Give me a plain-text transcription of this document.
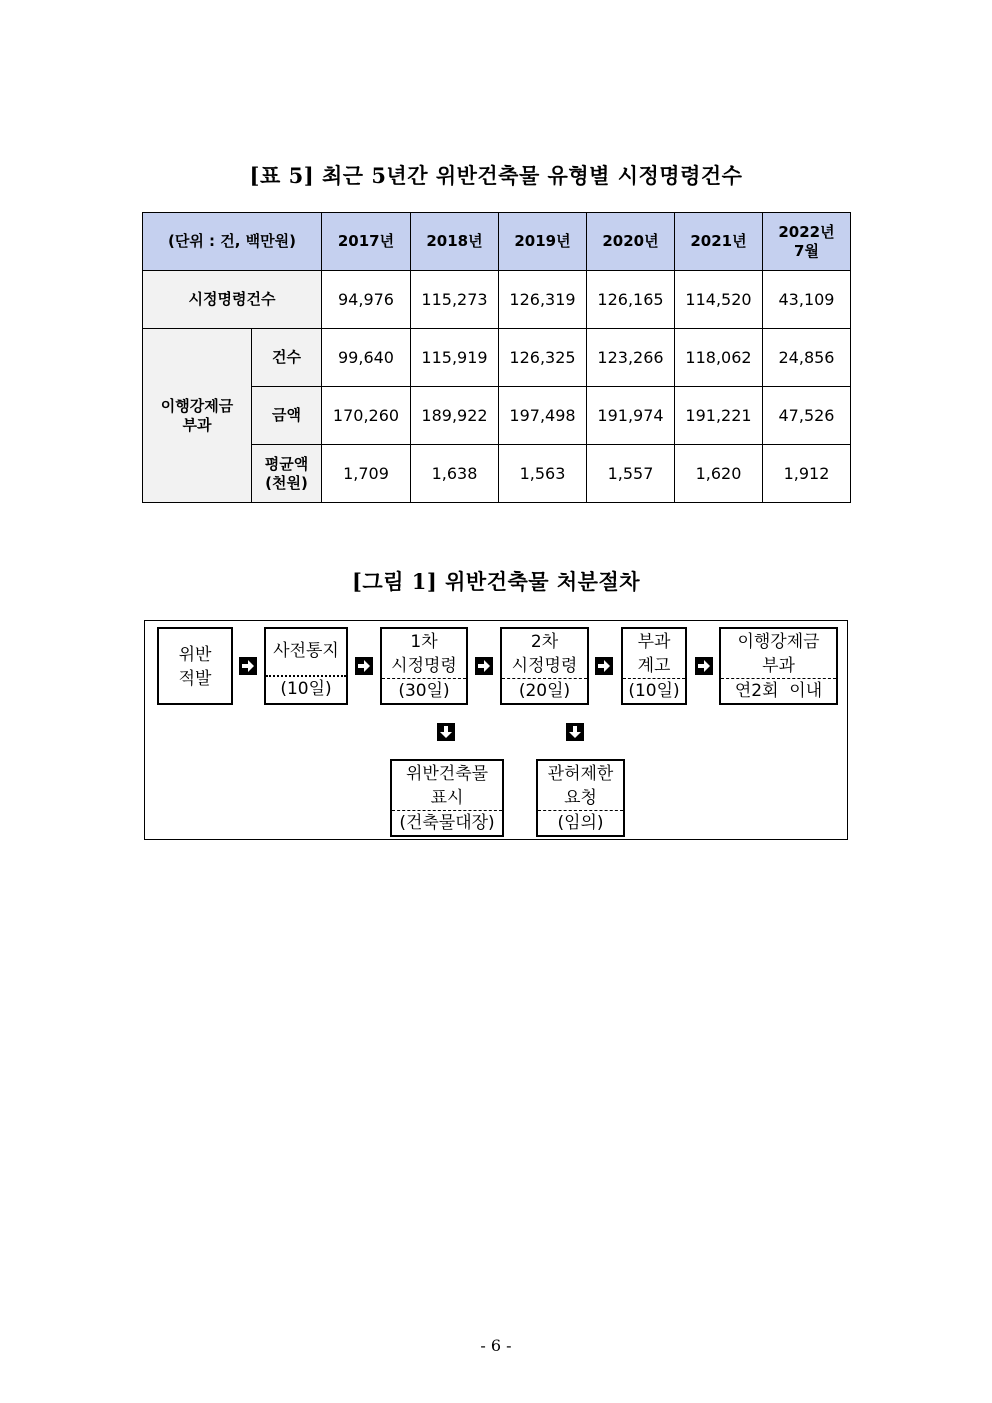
[표 5] 최근 5년간 위반건축물 유형별 시정명령건수
(단위 : 건, 백만원)		2017년	2018년	2019년	2020년	2021년	2022년
7월

시정명령건수		94,976	115,273	126,319	126,165	114,520	43,109

이행강제금
부과	건수	99,640	115,919	126,325	123,266	118,062	24,856
	금액	170,260	189,922	197,498	191,974	191,221	47,526

	평균액
(천원)	1,709	1,638	1,563	1,557	1,620	1,912
[그림 1] 위반건축물 처분절차
위반
적발
사전통지
(10일)
1차
시정명령
(30일)
2차
시정명령
(20일)
부과
계고
(10일)
이행강제금
부과
연2회  이내
위반건축물
표시
(건축물대장)
관허제한
요청
(임의)
- 6 -
